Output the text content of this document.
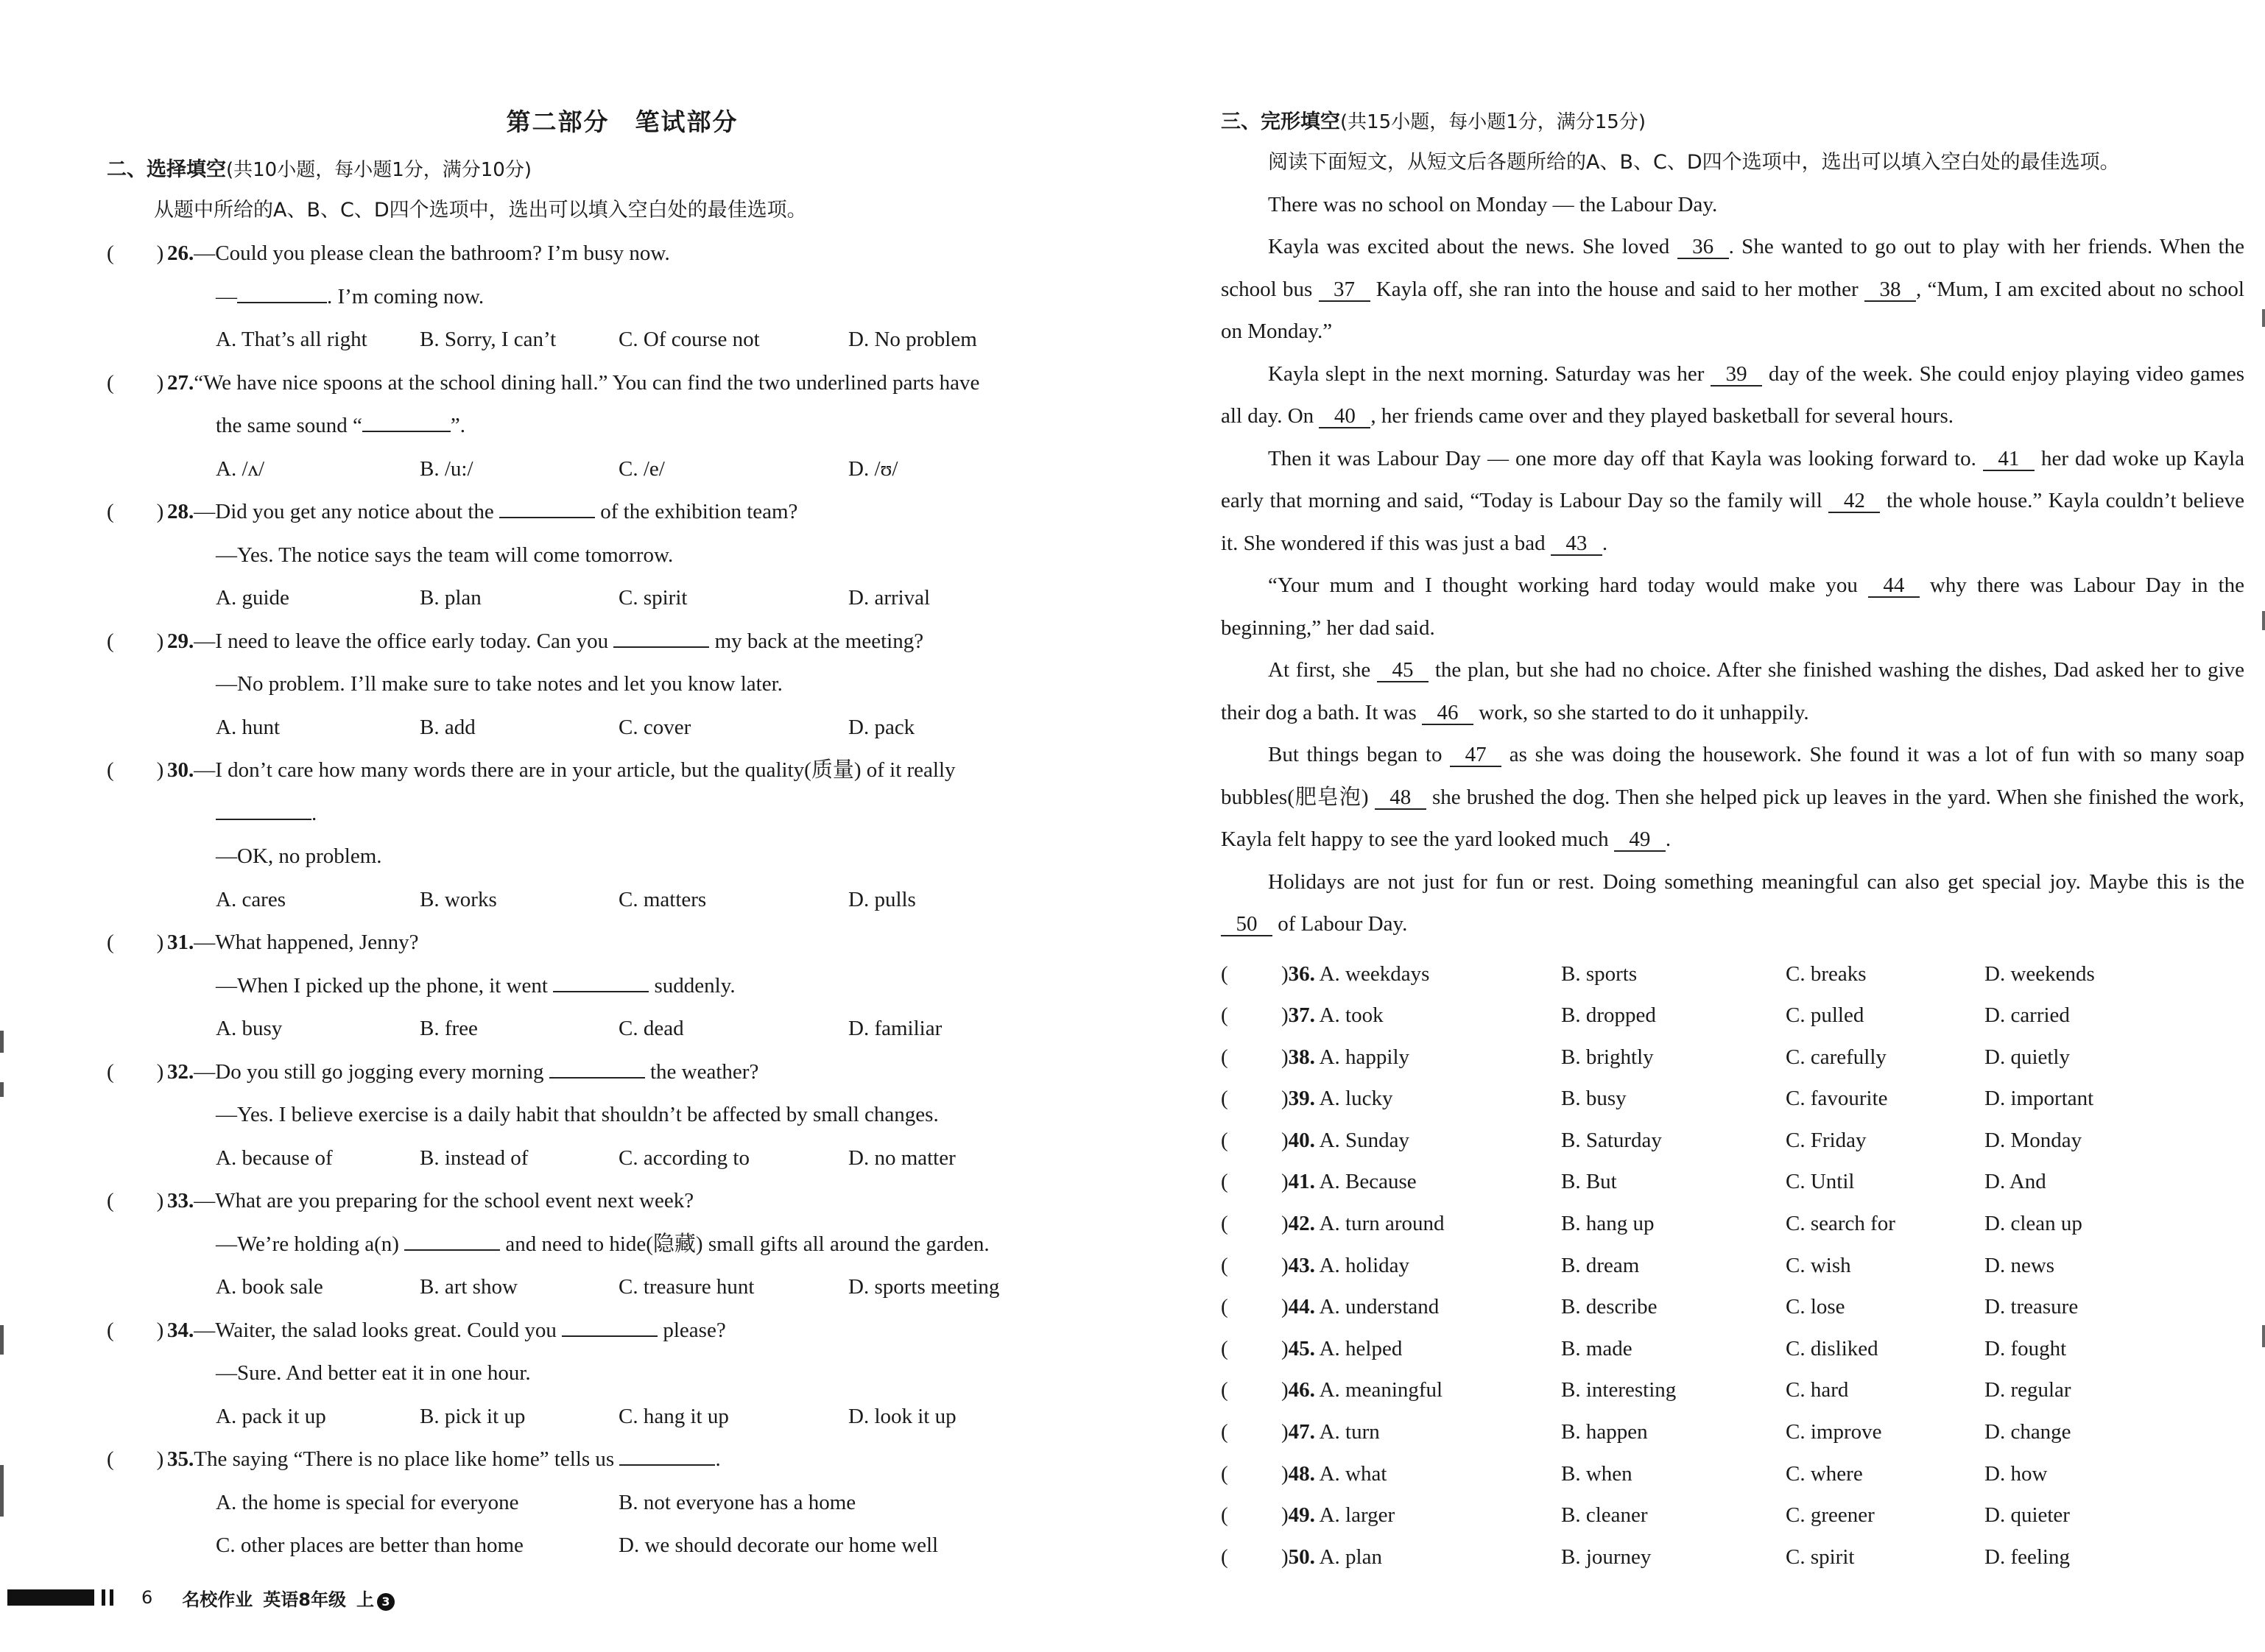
第二部分　笔试部分
二、选择填空(共10小题，每小题1分，满分10分)
从题中所给的A、B、C、D四个选项中，选出可以填入空白处的最佳选项。
(  ) 26.—Could you please clean the bathroom? I’m busy now.
—	. I’m coming now.
A. That’s all right	B. Sorry, I can’t	C. Of course not	D. No problem
(  ) 27.“We have nice spoons at the school dining hall.” You can find the two underlined parts have
the same sound “	”.
A. /ʌ/	B. /u:/	C. /e/	D. /ʊ/
(  ) 28.—Did you get any notice about the	of the exhibition team?
—Yes. The notice says the team will come tomorrow.
A. guide	B. plan	C. spirit	D. arrival
(  ) 29.—I need to leave the office early today. Can you	my back at the meeting?
—No problem. I’ll make sure to take notes and let you know later.
A. hunt	B. add	C. cover	D. pack
(  ) 30.—I don’t care how many words there are in your article, but the quality(质量) of it really
.
—OK, no problem.
A. cares	B. works	C. matters	D. pulls
(  ) 31.—What happened, Jenny?
—When I picked up the phone, it went	suddenly.
A. busy	B. free	C. dead	D. familiar
(  ) 32.—Do you still go jogging every morning	the weather?
—Yes. I believe exercise is a daily habit that shouldn’t be affected by small changes.
A. because of	B. instead of	C. according to	D. no matter
(  ) 33.—What are you preparing for the school event next week?
—We’re holding a(n)	and need to hide(隐藏) small gifts all around the garden.
A. book sale	B. art show	C. treasure hunt	D. sports meeting
(  ) 34.—Waiter, the salad looks great. Could you	please?
—Sure. And better eat it in one hour.
A. pack it up	B. pick it up	C. hang it up	D. look it up
(  ) 35.The saying “There is no place like home” tells us	.
A. the home is special for everyone	B. not everyone has a home
C. other places are better than home	D. we should decorate our home well
三、完形填空(共15小题，每小题1分，满分15分)

阅读下面短文，从短文后各题所给的A、B、C、D四个选项中，选出可以填入空白处的最佳选项。

There was no school on Monday — the Labour Day.

Kayla was excited about the news. She loved 36 . She wanted to go out to play with her friends. When the school bus 37 Kayla off, she ran into the house and said to her mother 38 , “Mum, I am excited about no school on Monday.”

Kayla slept in the next morning. Saturday was her 39 day of the week. She could enjoy playing video games all day. On 40 , her friends came over and they played basketball for several hours.

Then it was Labour Day — one more day off that Kayla was looking forward to. 41 her dad woke up Kayla early that morning and said, “Today is Labour Day so the family will 42 the whole house.” Kayla couldn’t believe it. She wondered if this was just a bad 43 .

“Your mum and I thought working hard today would make you 44 why there was Labour Day in the beginning,” her dad said.

At first, she 45 the plan, but she had no choice. After she finished washing the dishes, Dad asked her to give their dog a bath. It was 46 work, so she started to do it unhappily.

But things began to 47 as she was doing the housework. She found it was a lot of fun with so many soap bubbles(肥皂泡) 48 she brushed the dog. Then she helped pick up leaves in the yard. When she finished the work, Kayla felt happy to see the yard looked much 49 .

Holidays are not just for fun or rest. Doing something meaningful can also get special joy. Maybe this is the 50 of Labour Day.

(	)36. A. weekdays	B. sports	C. breaks	D. weekends
(	)37. A. took	B. dropped	C. pulled	D. carried
(	)38. A. happily	B. brightly	C. carefully	D. quietly
(	)39. A. lucky	B. busy	C. favourite	D. important
(	)40. A. Sunday	B. Saturday	C. Friday	D. Monday
(	)41. A. Because	B. But	C. Until	D. And
(	)42. A. turn around	B. hang up	C. search for	D. clean up
(	)43. A. holiday	B. dream	C. wish	D. news
(	)44. A. understand	B. describe	C. lose	D. treasure
(	)45. A. helped	B. made	C. disliked	D. fought
(	)46. A. meaningful	B. interesting	C. hard	D. regular
(	)47. A. turn	B. happen	C. improve	D. change
(	)48. A. what	B. when	C. where	D. how
(	)49. A. larger	B. cleaner	C. greener	D. quieter
(	)50. A. plan	B. journey	C. spirit	D. feeling
6 名校作业 英语8年级 上 3
